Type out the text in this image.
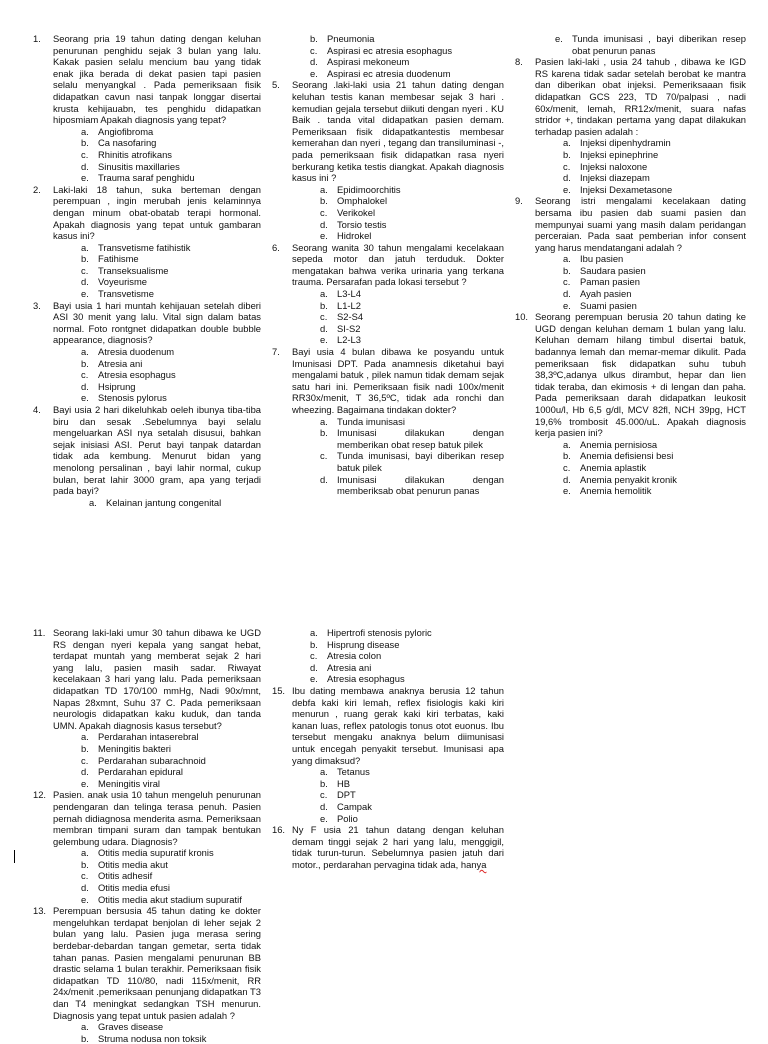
1.	Seorang pria 19 tahun dating dengan keluhan penurunan penghidu sejak 3 bulan yang lalu. Kakak pasien selalu mencium bau yang tidak enak jika berada di dekat pasien tapi pasien selalu menyangkal . Pada pemeriksaan fisik didapatkan cavun nasi tanpak longgar disertai krusta kehijauabn, tes penghidu didapatkan hiposmiam Apakah diagnosis yang tepat?
a. Angiofibroma
b. Ca nasofaring
c.	Rhinitis atrofikans
d. Sinusitis maxillaries
e. Trauma saraf penghidu
2.	Laki-laki 18 tahun, suka berteman dengan perempuan , ingin merubah jenis kelaminnya dengan minum obat-obatab terapi hormonal. Apakah diagnosis yang tepat untuk gambaran kasus ini?
a. Transvetisme fatihistik
b. Fatihisme
c.	Transeksualisme
d. Voyeurisme
e. Transvetisme
3.	Bayi usia 1 hari muntah kehijauan setelah diberi ASI 30 menit yang lalu. Vital sign dalam batas normal. Foto rontgnet didapatkan double bubble appearance, diagnosis?
a. Atresia duodenum
b. Atresia ani
c.	Atresia esophagus
d. Hsiprung
e. Stenosis pylorus
4.	Bayi usia 2 hari dikeluhkab oeleh ibunya tiba-tiba biru dan sesak .Sebelumnya bayi selalu mengeluarkan ASI nya setalah disusui, bahkan sejak inisiasi ASI. Perut bayi tanpak datardan tidak ada kembung. Menurut bidan yang menolong persalinan , bayi lahir normal, cukup bulan, berat lahir 3000 gram, apa yang terjadi pada bayi?
a. Kelainan jantung congenital
b. Pneumonia
c.	Aspirasi ec atresia esophagus
d. Aspirasi mekoneum
e. Aspirasi ec atresia duodenum
5.	Seorang .laki-laki usia 21 tahun dating dengan keluhan testis kanan membesar sejak 3 hari . kemudian gejala tersebut diikuti dengan nyeri . KU Baik . tanda vital didapatkan pasien demam. Pemeriksaan fisik didapatkantestis membesar kemerahan dan nyeri , tegang dan transiluminasi -, pada pemeriksaan fisik didapatkan rasa nyeri berkurang ketika testis diangkat. Apakah diagnosis kasus ini ?
a. Epidimoorchitis
b. Omphalokel
c.	Verikokel
d. Torsio testis
e. Hidrokel
6.	Seorang wanita 30 tahun mengalami kecelakaan sepeda motor dan jatuh terduduk. Dokter mengatakan bahwa verika urinaria yang terkana trauma. Persarafan pada lokasi tersebut ?
a. L3-L4
b. L1-L2
c.	S2-S4
d. SI-S2
e. L2-L3
7.	Bayi usia 4 bulan dibawa ke posyandu untuk Imunisasi DPT. Pada anamnesis diketahui bayi mengalami batuk , pilek namun tidak demam sejak satu hari ini. Pemeriksaan fisik nadi 100x/menit RR30x/menit, T 36,5ºC, tidak ada ronchi dan wheezing. Bagaimana tindakan dokter?
a. Tunda imunisasi
b. Imunisasi dilakukan dengan memberikan obat resep batuk pilek
c.	Tunda imunisasi, bayi diberikan resep batuk pilek
d. Imunisasi dilakukan dengan memberiksab obat penurun panas
e. Tunda imunisasi , bayi diberikan resep obat penurun panas
8.	Pasien laki-laki , usia 24 tahub , dibawa ke IGD RS karena tidak sadar setelah berobat ke mantra dan diberikan obat injeksi. Pemeriksaaan fisik didapatkan GCS 223, TD 70/palpasi , nadi 60x/menit, lemah, RR12x/menit, suara nafas stridor +, tindakan pertama yang dapat dilakukan terhadap pasien adalah :
a. Injeksi dipenhydramin
b. Injeksi epinephrine
c.	Injeksi naloxone
d. Injeksi diazepam
e. Injeksi Dexametasone
9.	Seorang istri mengalami kecelakaan dating bersama ibu pasien dab suami pasien dan mempunyai suami yang masih dalam peridangan perceraian. Pada saat pemberian infor consent yang harus mendatangani adalah ?
a. Ibu pasien
b. Saudara pasien
c.	Paman pasien
d. Ayah pasien
e. Suami pasien
10. Seorang perempuan berusia 20 tahun dating ke UGD dengan keluhan demam 1 bulan yang lalu. Keluhan demam hilang timbul disertai batuk, badannya lemah dan memar-memar dikulit. Pada pemeriksaan fisk didapatkan suhu tubuh 38,3ºC,adanya ulkus dirambut, hepar dan lien tidak teraba, dan ekimosis + di lengan dan paha. Pada pemeriksaan darah didapatkan leukosit 1000u/l, Hb 6,5 g/dl, MCV 82fl, NCH 39pg, HCT 19,6% trombosit 45.000/uL. Apakah diagnosis kerja pasien ini?
a. Anemia pernisiosa
b. Anemia defisiensi besi
c.	Anemia aplastik
d. Anemia penyakit kronik
e. Anemia hemolitik
11. Seorang laki-laki umur 30 tahun dibawa ke UGD RS dengan nyeri kepala yang sangat hebat, terdapat muntah yang memberat sejak 2 hari yang lalu, pasien masih sadar. Riwayat kecelakaan 3 hari yang lalu. Pada pemeriksaan didapatkan TD 170/100 mmHg, Nadi 90x/mnt, Napas 28xmnt, Suhu 37 C. Pada pemeriksaan neurologis didapatkan kaku kuduk, dan tanda UMN. Apakah diagnosis kasus tersebut?
a. Perdarahan intaserebral
b. Meningitis bakteri
c.	Perdarahan subarachnoid
d. Perdarahan epidural
e. Meningitis viral
12. Pasien. anak usia 10 tahun mengeluh penurunan pendengaran dan telinga terasa penuh. Pasien pernah didiagnosa menderita asma. Pemeriksaan membran timpani suram dan tampak bentukan gelembung udara. Diagnosis?
a. Otitis media supuratif kronis
b. Otitis media akut
c.	Otitis adhesif
d. Otitis media efusi
e. Otitis media akut stadium supuratif
13. Perempuan bersusia 45 tahun dating ke dokter mengeluhkan terdapat benjolan di leher sejak 2 bulan yang lalu. Pasien juga merasa sering berdebar-debardan tangan gemetar, serta tidak tahan panas. Pasien mengalami penurunan BB drastic selama 1 bulan terakhir. Pemeriksaan fisik didapatkan TD 110/80, nadi 115x/menit, RR 24x/menit .pemeriksaan penunjang didapatkan T3 dan T4 meningkat sedangkan TSH menurun. Diagnosis yang tepat untuk pasien adalah ?
a. Graves disease
b. Struma nodusa non toksik
a. Hipertrofi stenosis pyloric
b. Hisprung disease
c.	Atresia colon
d. Atresia ani
e. Atresia esophagus
15. Ibu dating membawa anaknya berusia 12 tahun debfa kaki kiri lemah, reflex fisiologis kaki kiri menurun , ruang gerak kaki kiri terbatas, kaki kanan luas, reflex patologis tonus otot euonus. Ibu tersebut mengaku anaknya belum diimunisasi untuk encegah penyakit tersebut. Imunisasi apa yang dimaksud?
a. Tetanus
b. HB
c.	DPT
d. Campak
e. Polio
16. Ny F usia 21 tahun datang dengan keluhan demam tinggi sejak 2 hari yang lalu, menggigil, tidak turun-turun. Sebelumnya pasien jatuh dari motor., perdarahan pervagina tidak ada, hanya
